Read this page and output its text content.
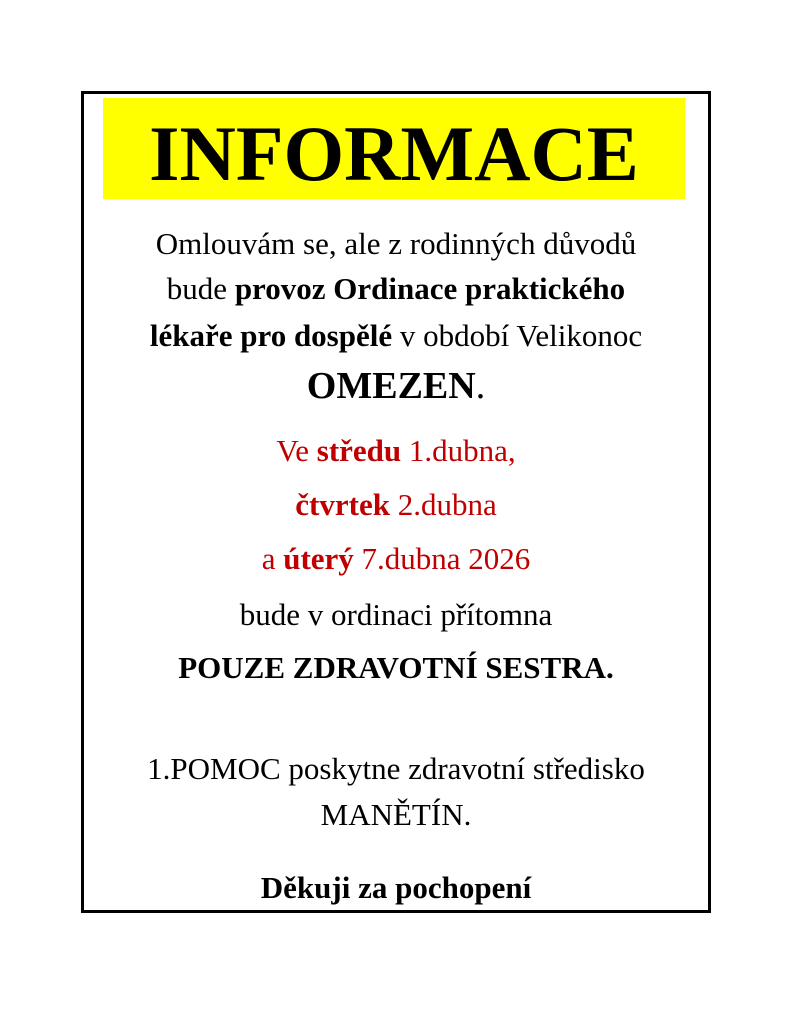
INFORMACE
Omlouvám se, ale z rodinných důvodů
bude provoz Ordinace praktického
lékaře pro dospělé v období Velikonoc
OMEZEN.
Ve středu 1.dubna,
čtvrtek 2.dubna
a úterý 7.dubna 2026
bude v ordinaci přítomna
POUZE ZDRAVOTNÍ SESTRA.
1.POMOC poskytne zdravotní středisko
MANĚTÍN.
Děkuji za pochopení
